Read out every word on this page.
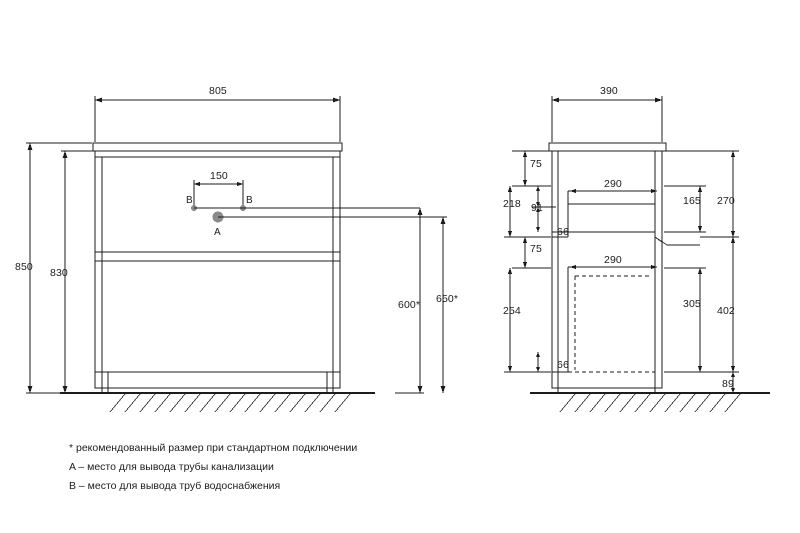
805
150
B	B
A
850 830
600* 650*
390
290
290
75
218 91
66
75
254
66
165 270
305
402
89
* рекомендованный размер при стандартном подключении
A – место для вывода трубы канализации
B – место для вывода труб водоснабжения
